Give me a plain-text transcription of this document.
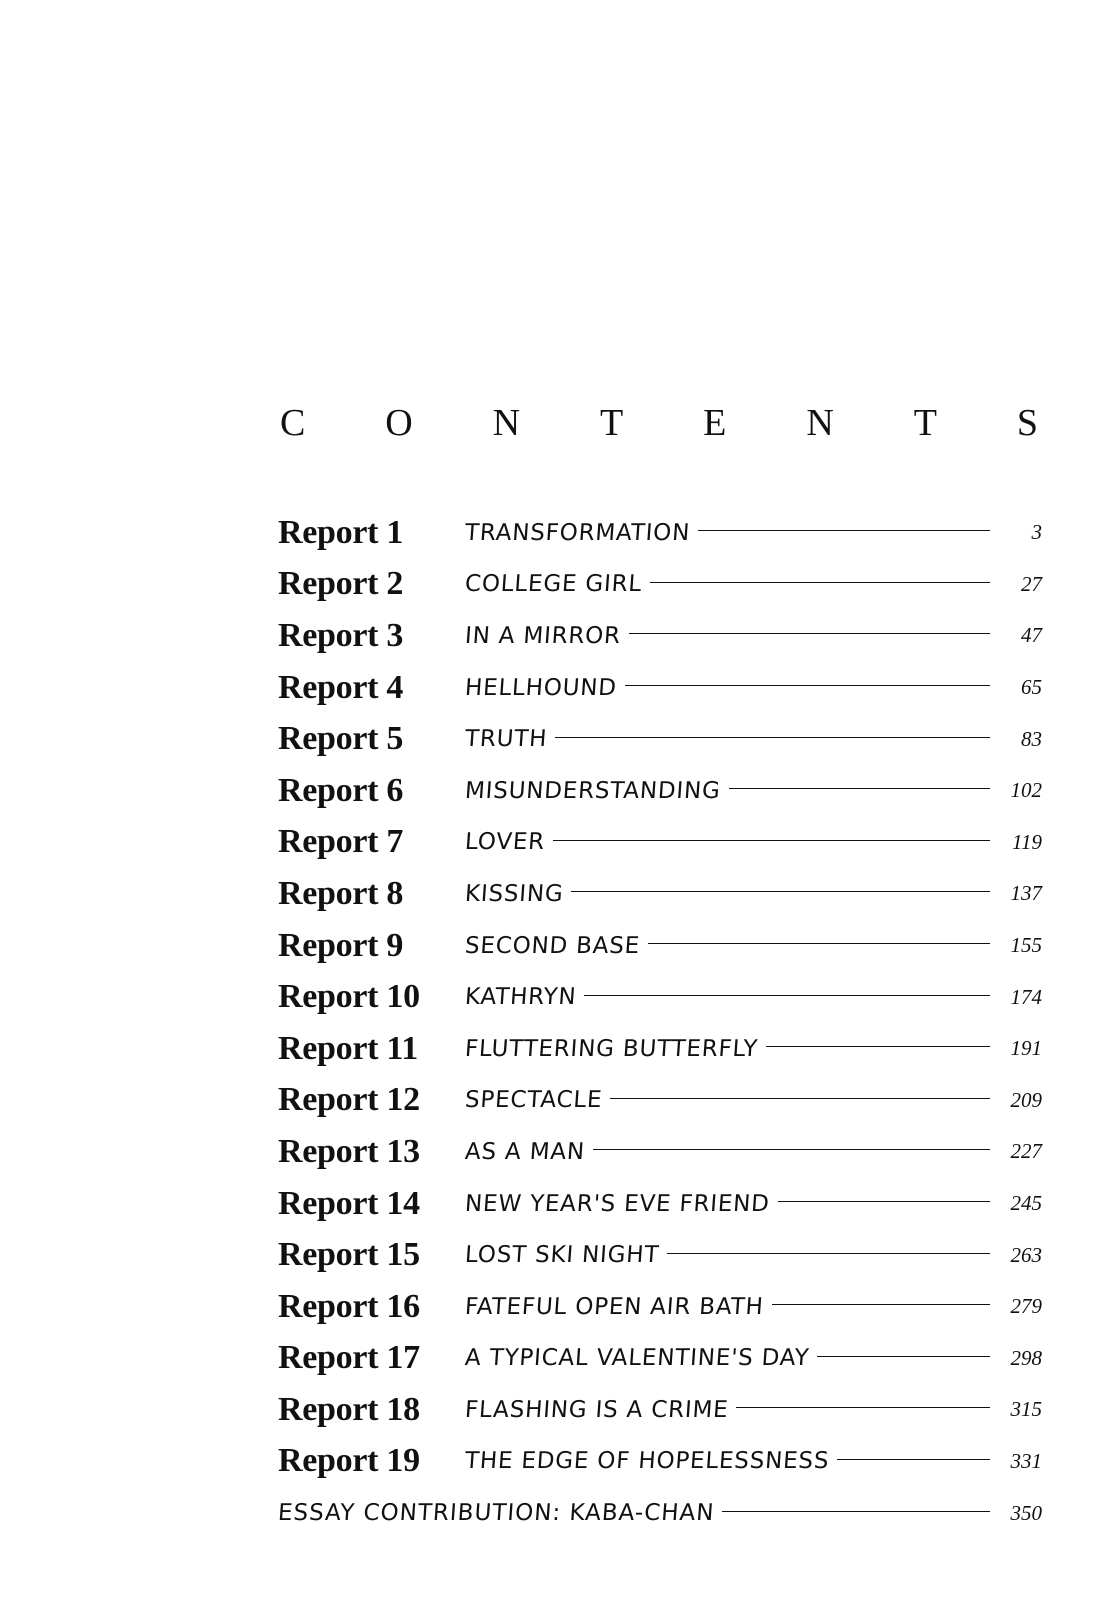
C O N T E N T S
Report 1	TRANSFORMATION	3
Report 2	COLLEGE GIRL	27
Report 3	IN A MIRROR	47
Report 4	HELLHOUND	65
Report 5	TRUTH	83
Report 6	MISUNDERSTANDING	102
Report 7	LOVER	119
Report 8	KISSING	137
Report 9	SECOND BASE	155
Report 10	KATHRYN	174
Report 11	FLUTTERING BUTTERFLY	191
Report 12	SPECTACLE	209
Report 13	AS A MAN	227
Report 14	NEW YEAR'S EVE FRIEND	245
Report 15	LOST SKI NIGHT	263
Report 16	FATEFUL OPEN AIR BATH	279
Report 17	A TYPICAL VALENTINE'S DAY	298
Report 18	FLASHING IS A CRIME	315
Report 19	THE EDGE OF HOPELESSNESS	331
ESSAY CONTRIBUTION: KABA-CHAN	350
